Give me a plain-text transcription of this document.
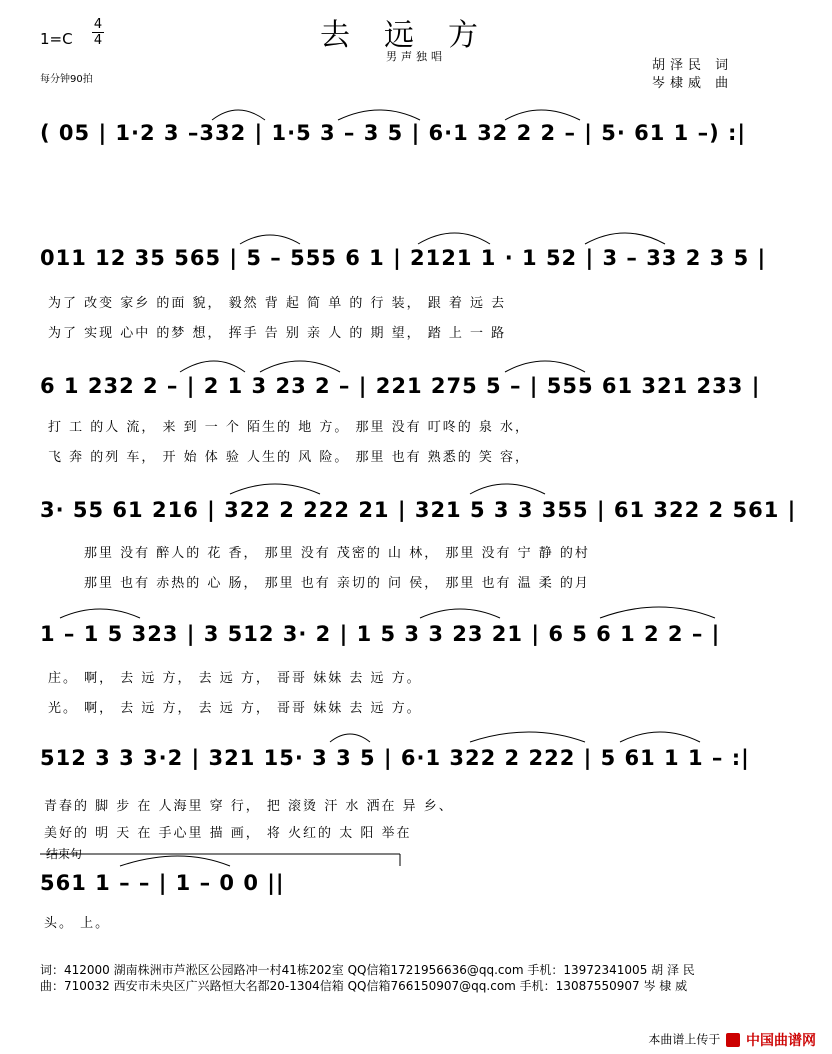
去远方
男声独唱
1=C
4
4
每分钟90拍
胡泽民 词
岑棣威 曲
( 05 | 1·2 3 –332 | 1·5 3 – 3 5 | 6·1 32 2 2 – | 5· 61 1 –) :|
011 12 35 565 | 5 – 555 6 1 | 2121 1 · 1 52 | 3 – 33 2 3 5 |
为了 改变 家乡 的面 貌， 毅然 背 起 简 单 的 行 装， 跟 着 远 去
为了 实现 心中 的梦 想， 挥手 告 别 亲 人 的 期 望， 踏 上 一 路
6 1 232 2 – | 2 1 3 23 2 – | 221 275 5 – | 555 61 321 233 |
打 工 的人 流， 来 到 一 个 陌生的 地 方。 那里 没有 叮咚的 泉 水，
飞 奔 的列 车， 开 始 体 验 人生的 风 险。 那里 也有 熟悉的 笑 容，
3· 55 61 216 | 322 2 222 21 | 321 5 3 3 355 | 61 322 2 561 |
那里 没有 醉人的 花 香， 那里 没有 茂密的 山 林， 那里 没有 宁 静 的村
那里 也有 赤热的 心 肠， 那里 也有 亲切的 问 侯， 那里 也有 温 柔 的月
1 – 1 5 323 | 3 512 3· 2 | 1 5 3 3 23 21 | 6 5 6 1 2 2 – |
庄。 啊， 去 远 方， 去 远 方， 哥哥 妹妹 去 远 方。
光。 啊， 去 远 方， 去 远 方， 哥哥 妹妹 去 远 方。
512 3 3 3·2 | 321 15· 3 3 5 | 6·1 322 2 222 | 5 61 1 1 – :|
青春的 脚 步 在 人海里 穿 行， 把 滚烫 汗 水 洒在 异 乡、
美好的 明 天 在 手心里 描 画， 将 火红的 太 阳 举在
结束句
561 1 – – | 1 – 0 0 ||
头。 上。
词：412000 湖南株洲市芦淞区公园路冲一村41栋202室 QQ信箱1721956636@qq.com 手机：13972341005 胡 泽 民
曲：710032 西安市未央区广兴路恒大名都20-1304信箱 QQ信箱766150907@qq.com 手机：13087550907 岑 棣 威
本曲谱上传于 中国曲谱网
